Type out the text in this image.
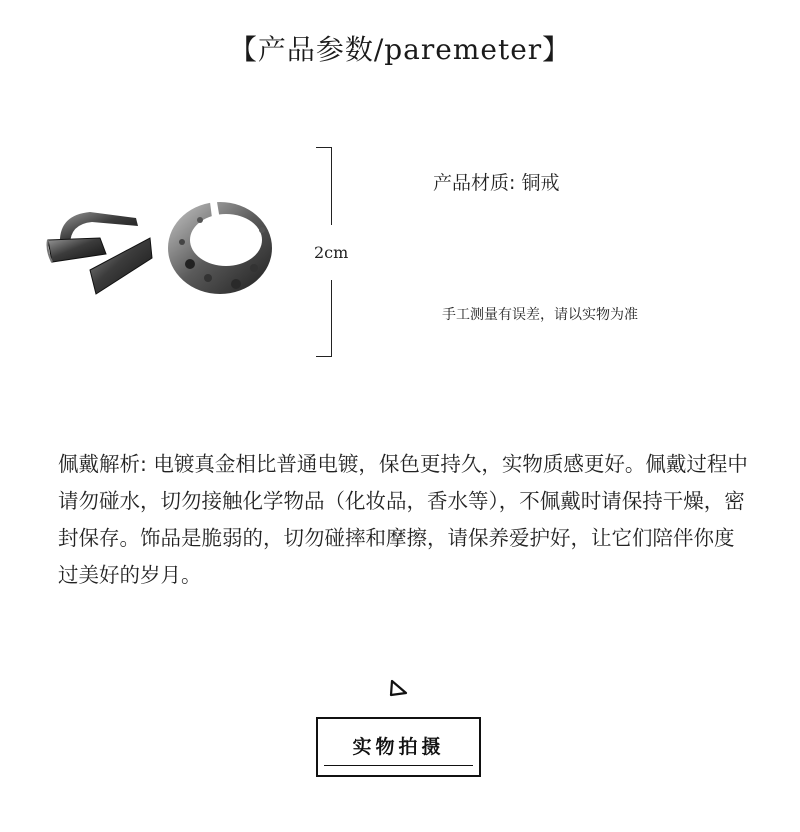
【产品参数/paremeter】
2cm
产品材质: 铜戒
手工测量有误差，请以实物为准
佩戴解析: 电镀真金相比普通电镀，保色更持久，实物质感更好。佩戴过程中请勿碰水，切勿接触化学物品（化妆品，香水等），不佩戴时请保持干燥，密封保存。饰品是脆弱的，切勿碰摔和摩擦，请保养爱护好，让它们陪伴你度过美好的岁月。
实物拍摄
